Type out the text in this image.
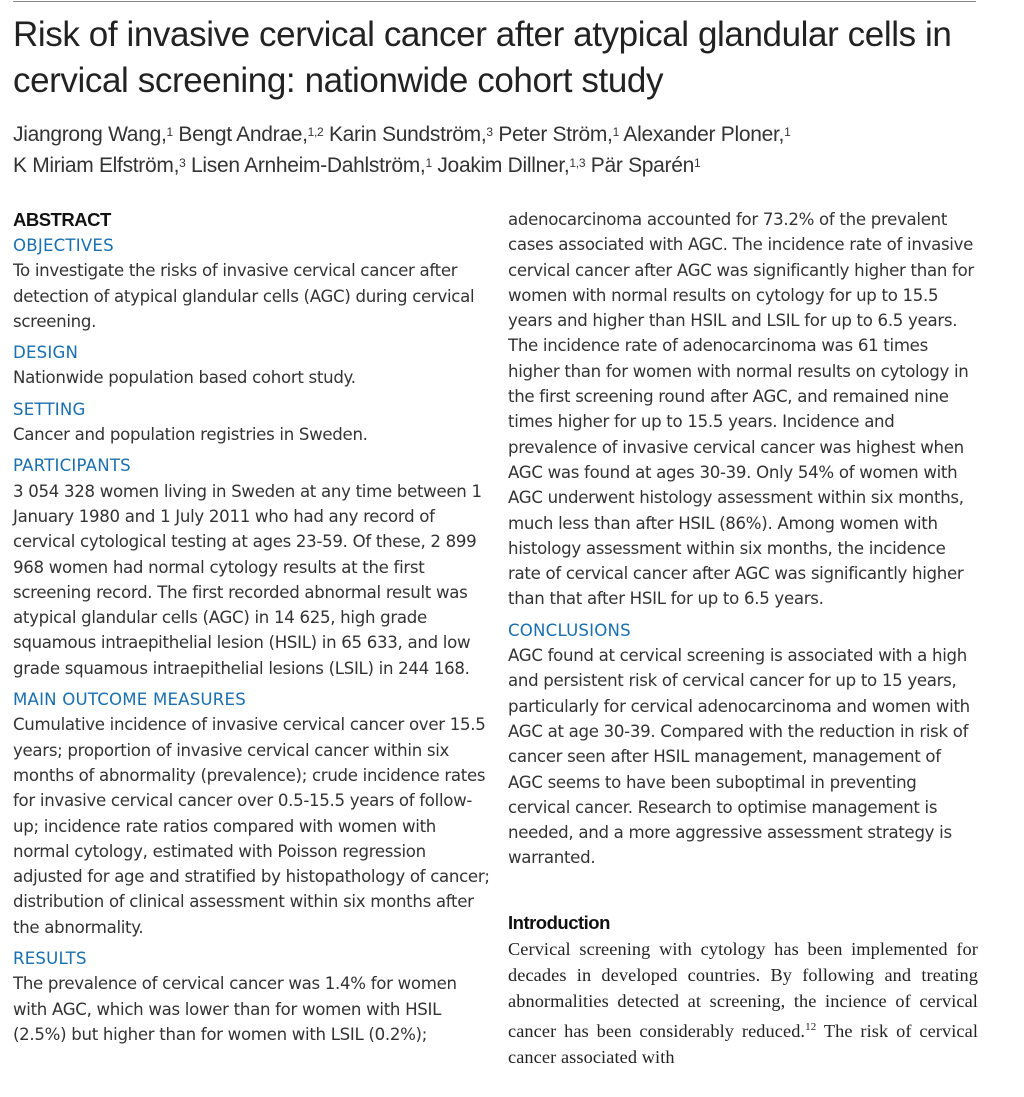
Risk of invasive cervical cancer after atypical glandular cells in cervical screening: nationwide cohort study
Jiangrong Wang,$^1$ Bengt Andrae,$^{1,2}$ Karin Sundström,$^3$ Peter Ström,$^1$ Alexander Ploner,$^1$
K Miriam Elfström,$^3$ Lisen Arnheim-Dahlström,$^1$ Joakim Dillner,$^{1,3}$ Pär Sparén$^1$
ABSTRACT
OBJECTIVES

To investigate the risks of invasive cervical cancer after detection of atypical glandular cells (AGC) during cervical screening.

DESIGN

Nationwide population based cohort study.

SETTING

Cancer and population registries in Sweden.

PARTICIPANTS

3 054 328 women living in Sweden at any time between 1 January 1980 and 1 July 2011 who had any record of cervical cytological testing at ages 23-59. Of these, 2 899 968 women had normal cytology results at the first screening record. The first recorded abnormal result was atypical glandular cells (AGC) in 14 625, high grade squamous intraepithelial lesion (HSIL) in 65 633, and low grade squamous intraepithelial lesions (LSIL) in 244 168.

MAIN OUTCOME MEASURES

Cumulative incidence of invasive cervical cancer over 15.5 years; proportion of invasive cervical cancer within six months of abnormality (prevalence); crude incidence rates for invasive cervical cancer over 0.5-15.5 years of follow-up; incidence rate ratios compared with women with normal cytology, estimated with Poisson regression adjusted for age and stratified by histopathology of cancer; distribution of clinical assessment within six months after the abnormality.

RESULTS

The prevalence of cervical cancer was 1.4% for women with AGC, which was lower than for women with HSIL (2.5%) but higher than for women with LSIL (0.2%);

adenocarcinoma accounted for 73.2% of the prevalent cases associated with AGC. The incidence rate of invasive cervical cancer after AGC was significantly higher than for women with normal results on cytology for up to 15.5 years and higher than HSIL and LSIL for up to 6.5 years. The incidence rate of adenocarcinoma was 61 times higher than for women with normal results on cytology in the first screening round after AGC, and remained nine times higher for up to 15.5 years. Incidence and prevalence of invasive cervical cancer was highest when AGC was found at ages 30-39. Only 54% of women with AGC underwent histology assessment within six months, much less than after HSIL (86%). Among women with histology assessment within six months, the incidence rate of cervical cancer after AGC was significantly higher than that after HSIL for up to 6.5 years.

CONCLUSIONS

AGC found at cervical screening is associated with a high and persistent risk of cervical cancer for up to 15 years, particularly for cervical adenocarcinoma and women with AGC at age 30-39. Compared with the reduction in risk of cancer seen after HSIL management, management of AGC seems to have been suboptimal in preventing cervical cancer. Research to optimise management is needed, and a more aggressive assessment strategy is warranted.

Introduction

Cervical screening with cytology has been implemented for decades in developed countries. By following and treating abnormalities detected at screening, the incience of cervical cancer has been considerably reduced.$^{12}$ The risk of cervical cancer associated with
